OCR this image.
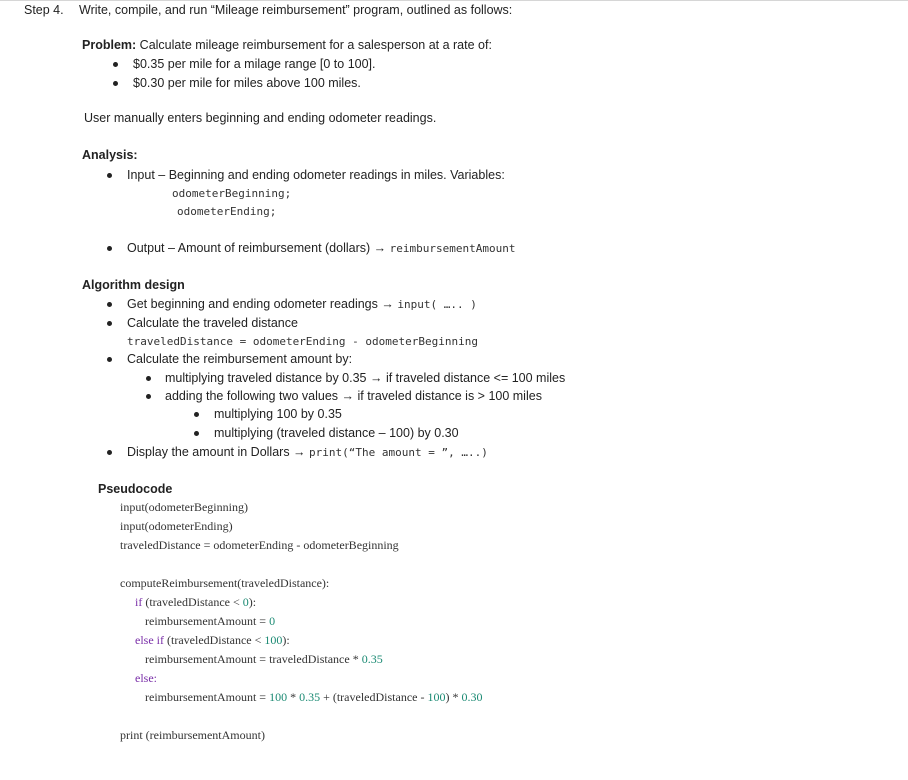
Step 4. Write, compile, and run “Mileage reimbursement” program, outlined as follows:
Problem: Calculate mileage reimbursement for a salesperson at a rate of:
$0.35 per mile for a milage range [0 to 100].
$0.30 per mile for miles above 100 miles.
User manually enters beginning and ending odometer readings.
Analysis:
Input – Beginning and ending odometer readings in miles. Variables:
odometerBeginning;
odometerEnding;
Output – Amount of reimbursement (dollars) → reimbursementAmount
Algorithm design
Get beginning and ending odometer readings → input( ….. )
Calculate the traveled distance
traveledDistance = odometerEnding - odometerBeginning
Calculate the reimbursement amount by:
multiplying traveled distance by 0.35 → if traveled distance <= 100 miles
adding the following two values → if traveled distance is > 100 miles
multiplying 100 by 0.35
multiplying (traveled distance – 100) by 0.30
Display the amount in Dollars → print(“The amount = ”, …..)
Pseudocode
input(odometerBeginning)
input(odometerEnding)
traveledDistance = odometerEnding - odometerBeginning
computeReimbursement(traveledDistance):
if (traveledDistance < 0):
reimbursementAmount = 0
else if (traveledDistance < 100):
reimbursementAmount = traveledDistance * 0.35
else:
reimbursementAmount = 100 * 0.35 + (traveledDistance - 100) * 0.30
print (reimbursementAmount)
